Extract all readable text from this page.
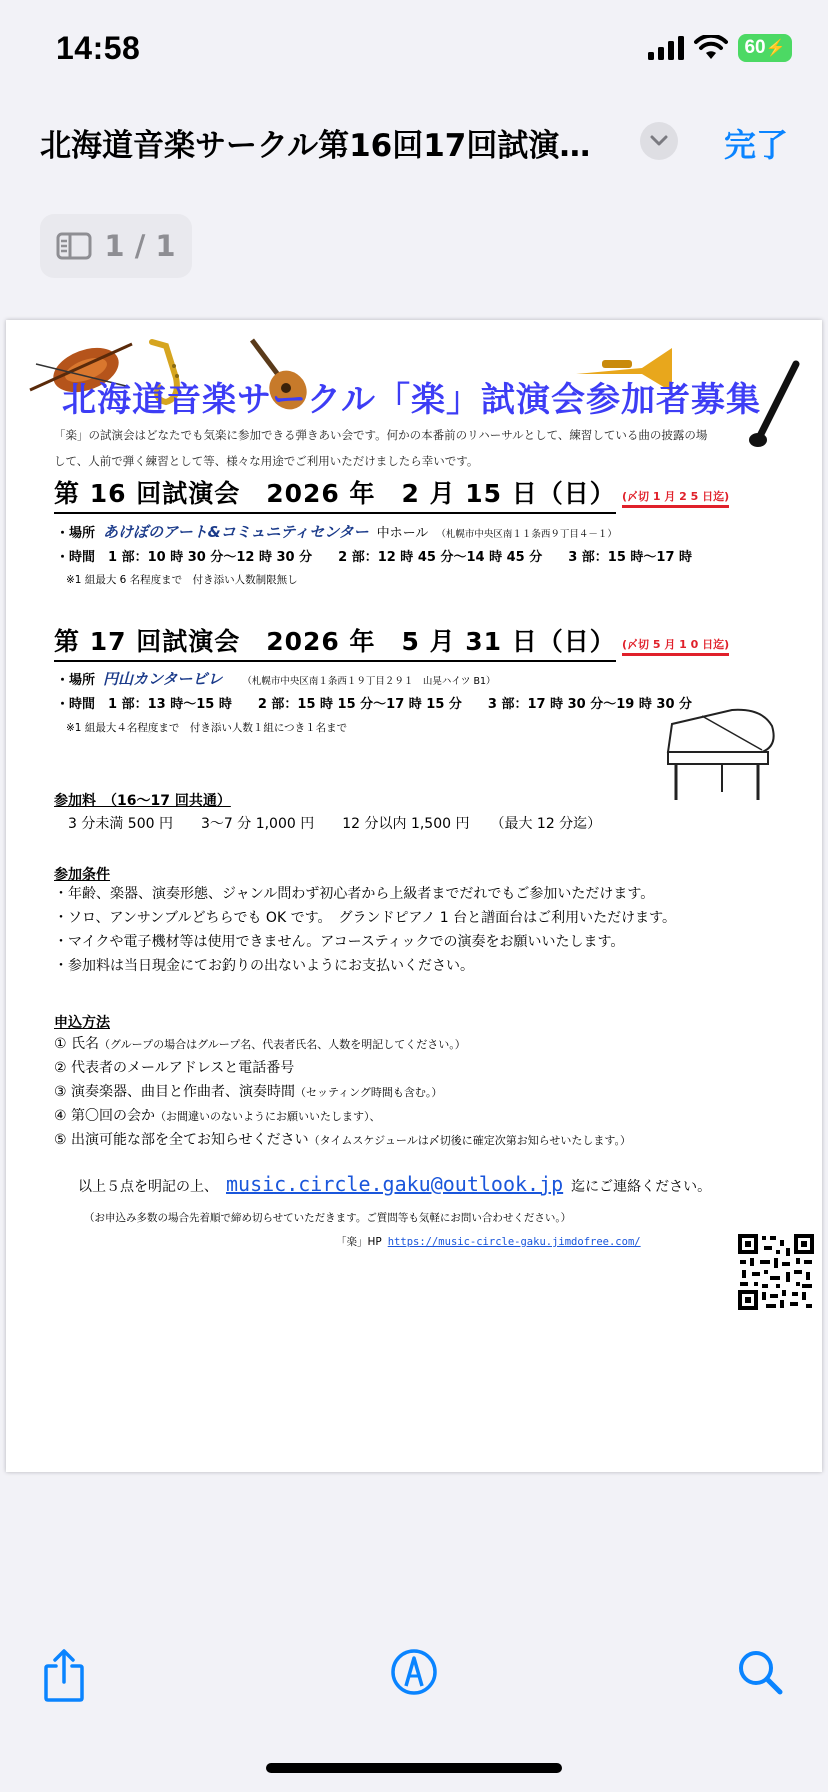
14:58	60 ⚡
北海道音楽サークル第16回17回試演…	完了
1 / 1
北海道音楽サークル「楽」試演会参加者募集
「楽」の試演会はどなたでも気楽に参加できる弾きあい会です。何かの本番前のリハーサルとして、練習している曲の披露の場
して、人前で弾く練習として等、様々な用途でご利用いただけましたら幸いです。
第 16 回試演会　2026 年　2 月 15 日（日） (〆切 1 月 2 5 日迄)
・場所 あけぼのアート&コミュニティセンター 中ホール （札幌市中央区南１１条西９丁目４－１）
・時間　 1 部：10 時 30 分～12 時 30 分　　2 部：12 時 45 分～14 時 45 分　　3 部：15 時～17 時
※1 組最大 6 名程度まで　付き添い人数制限無し
第 17 回試演会　2026 年　5 月 31 日（日） (〆切 5 月 1 0 日迄)
・場所 円山カンタービレ （札幌市中央区南１条西１９丁目２９１　山晃ハイツ B1）
・時間　 1 部：13 時～15 時　　2 部：15 時 15 分～17 時 15 分　　3 部：17 時 30 分～19 時 30 分
※1 組最大４名程度まで　付き添い人数１組につき１名まで
参加料　（16～17 回共通）
3 分未満 500 円　　3～7 分 1,000 円　　12 分以内 1,500 円　　（最大 12 分迄）
参加条件
・年齢、楽器、演奏形態、ジャンル問わず初心者から上級者までだれでもご参加いただけます。
・ソロ、アンサンブルどちらでも OK です。　グランドピアノ 1 台と譜面台はご利用いただけます。
・マイクや電子機材等は使用できません。アコースティックでの演奏をお願いいたします。
・参加料は当日現金にてお釣りの出ないようにお支払いください。
申込方法
① 氏名（グループの場合はグループ名、代表者氏名、人数を明記してください。）
② 代表者のメールアドレスと電話番号
③ 演奏楽器、曲目と作曲者、演奏時間（セッティング時間も含む。）
④ 第〇回の会か（お間違いのないようにお願いいたします）、
⑤ 出演可能な部を全てお知らせください（タイムスケジュールは〆切後に確定次第お知らせいたします。）
以上５点を明記の上、 music.circle.gaku@outlook.jp 迄にご連絡ください。
（お申込み多数の場合先着順で締め切らせていただきます。ご質問等も気軽にお問い合わせください。）
「楽」HP https://music-circle-gaku.jimdofree.com/
